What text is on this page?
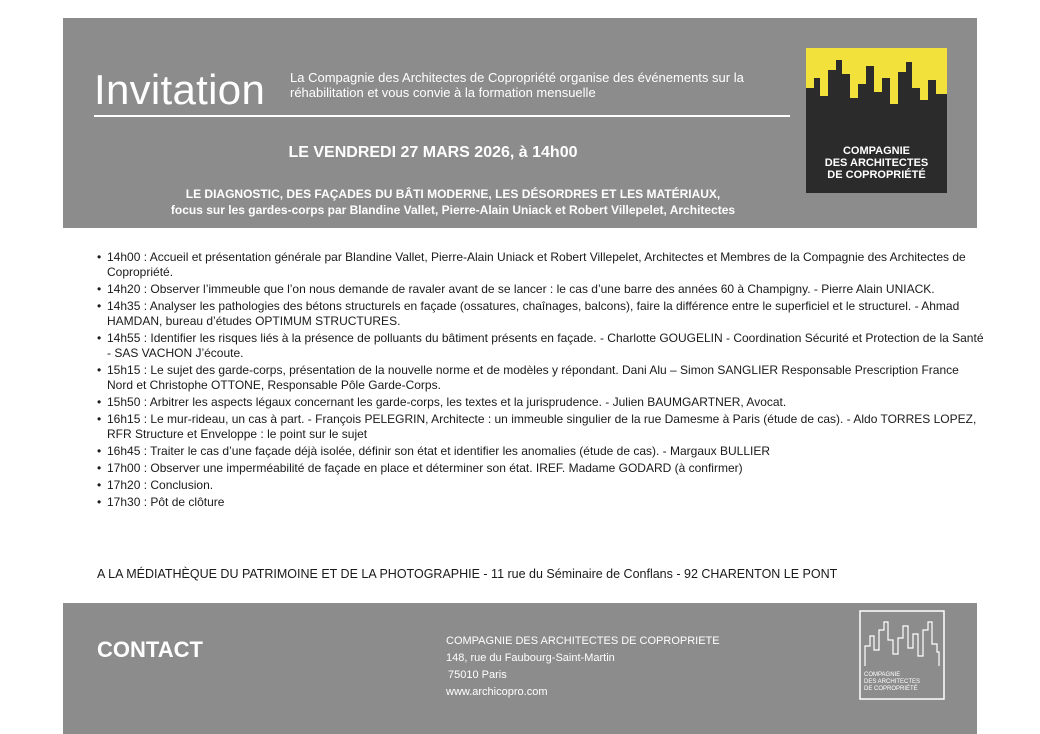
Invitation La Compagnie des Architectes de Copropriété organise des événements sur la réhabilitation et vous convie à la formation mensuelle
LE VENDREDI 27 MARS 2026, à 14h00
LE DIAGNOSTIC, DES FAÇADES DU BÂTI MODERNE, LES DÉSORDRES ET LES MATÉRIAUX,
focus sur les gardes-corps par Blandine Vallet, Pierre-Alain Uniack et Robert Villepelet, Architectes
COMPAGNIE
DES ARCHITECTES
DE COPROPRIÉTÉ
• 14h00 : Accueil et présentation générale par Blandine Vallet, Pierre-Alain Uniack et Robert Villepelet, Architectes et Membres de la Compagnie des Architectes de Copropriété.
• 14h20 : Observer l’immeuble que l’on nous demande de ravaler avant de se lancer : le cas d’une barre des années 60 à Champigny. - Pierre Alain UNIACK.
• 14h35 : Analyser les pathologies des bétons structurels en façade (ossatures, chaînages, balcons), faire la différence entre le superficiel et le structurel. - Ahmad HAMDAN, bureau d’études OPTIMUM STRUCTURES.
• 14h55 : Identifier les risques liés à la présence de polluants du bâtiment présents en façade. - Charlotte GOUGELIN - Coordination Sécurité et Protection de la Santé - SAS VACHON J’écoute.
• 15h15 : Le sujet des garde-corps, présentation de la nouvelle norme et de modèles y répondant. Dani Alu – Simon SANGLIER Responsable Prescription France Nord et Christophe OTTONE, Responsable Pôle Garde-Corps.
• 15h50 : Arbitrer les aspects légaux concernant les garde-corps, les textes et la jurisprudence. - Julien BAUMGARTNER, Avocat.
• 16h15 : Le mur-rideau, un cas à part. - François PELEGRIN, Architecte : un immeuble singulier de la rue Damesme à Paris (étude de cas). - Aldo TORRES LOPEZ, RFR Structure et Enveloppe : le point sur le sujet
• 16h45 : Traiter le cas d’une façade déjà isolée, définir son état et identifier les anomalies (étude de cas). - Margaux BULLIER
• 17h00 : Observer une imperméabilité de façade en place et déterminer son état. IREF. Madame GODARD (à confirmer)
• 17h20 : Conclusion.
• 17h30 : Pôt de clôture
A LA MÉDIATHÈQUE DU PATRIMOINE ET DE LA PHOTOGRAPHIE - 11 rue du Séminaire de Conflans - 92 CHARENTON LE PONT
CONTACT	COMPAGNIE DES ARCHITECTES DE COPROPRIETE
148, rue du Faubourg-Saint-Martin
75010 Paris
www.archicopro.com
COMPAGNIE
DES ARCHITECTES
DE COPROPRIÉTÉ
